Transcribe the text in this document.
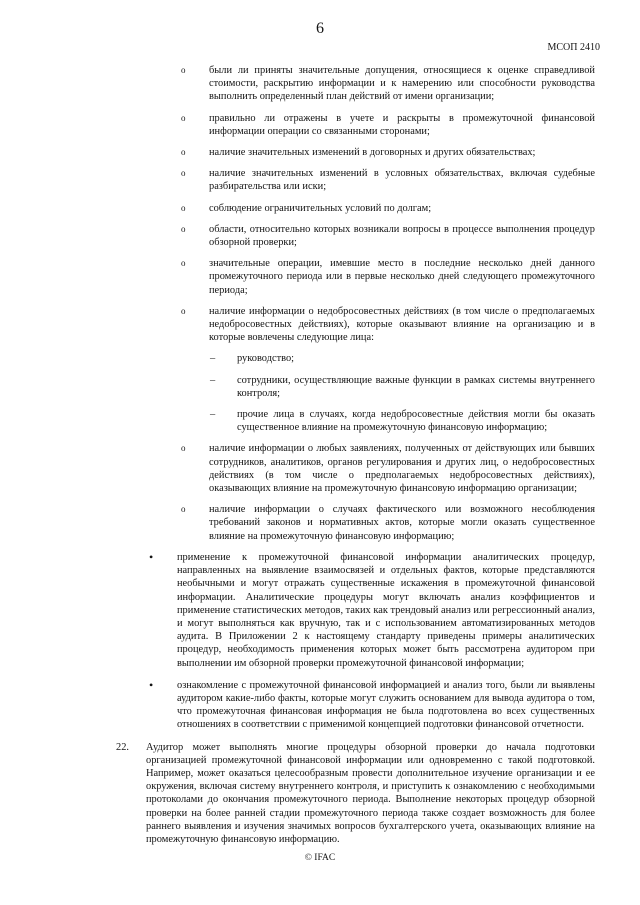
6
МСОП 2410
o были ли приняты значительные допущения, относящиеся к оценке справедливой стоимости, раскрытию информации и к намерению или способности руководства выполнить определенный план действий от имени организации;
o правильно ли отражены в учете и раскрыты в промежуточной финансовой информации операции со связанными сторонами;
o наличие значительных изменений в договорных и других обязательствах;
o наличие значительных изменений в условных обязательствах, включая судебные разбирательства или иски;
o соблюдение ограничительных условий по долгам;
o области, относительно которых возникали вопросы в процессе выполнения процедур обзорной проверки;
o значительные операции, имевшие место в последние несколько дней данного промежуточного периода или в первые несколько дней следующего промежуточного периода;
o наличие информации о недобросовестных действиях (в том числе о предполагаемых недобросовестных действиях), которые оказывают влияние на организацию и в которые вовлечены следующие лица:
– руководство;
– сотрудники, осуществляющие важные функции в рамках системы внутреннего контроля;
– прочие лица в случаях, когда недобросовестные действия могли бы оказать существенное влияние на промежуточную финансовую информацию;
o наличие информации о любых заявлениях, полученных от действующих или бывших сотрудников, аналитиков, органов регулирования и других лиц, о недобросовестных действиях (в том числе о предполагаемых недобросовестных действиях), оказывающих влияние на промежуточную финансовую информацию организации;
o наличие информации о случаях фактического или возможного несоблюдения требований законов и нормативных актов, которые могли оказать существенное влияние на промежуточную финансовую информацию;
• применение к промежуточной финансовой информации аналитических процедур, направленных на выявление взаимосвязей и отдельных фактов, которые представляются необычными и могут отражать существенные искажения в промежуточной финансовой информации. Аналитические процедуры могут включать анализ коэффициентов и применение статистических методов, таких как трендовый анализ или регрессионный анализ, и могут выполняться как вручную, так и с использованием автоматизированных методов аудита. В Приложении 2 к настоящему стандарту приведены примеры аналитических процедур, необходимость применения которых может быть рассмотрена аудитором при выполнении им обзорной проверки промежуточной финансовой информации;
• ознакомление с промежуточной финансовой информацией и анализ того, были ли выявлены аудитором какие-либо факты, которые могут служить основанием для вывода аудитора о том, что промежуточная финансовая информация не была подготовлена во всех существенных отношениях в соответствии с применимой концепцией подготовки финансовой отчетности.
22. Аудитор может выполнять многие процедуры обзорной проверки до начала подготовки организацией промежуточной финансовой информации или одновременно с такой подготовкой. Например, может оказаться целесообразным провести дополнительное изучение организации и ее окружения, включая систему внутреннего контроля, и приступить к ознакомлению с необходимыми протоколами до окончания промежуточного периода. Выполнение некоторых процедур обзорной проверки на более ранней стадии промежуточного периода также создает возможность для более раннего выявления и изучения значимых вопросов бухгалтерского учета, оказывающих влияние на промежуточную финансовую информацию.
© IFAC
